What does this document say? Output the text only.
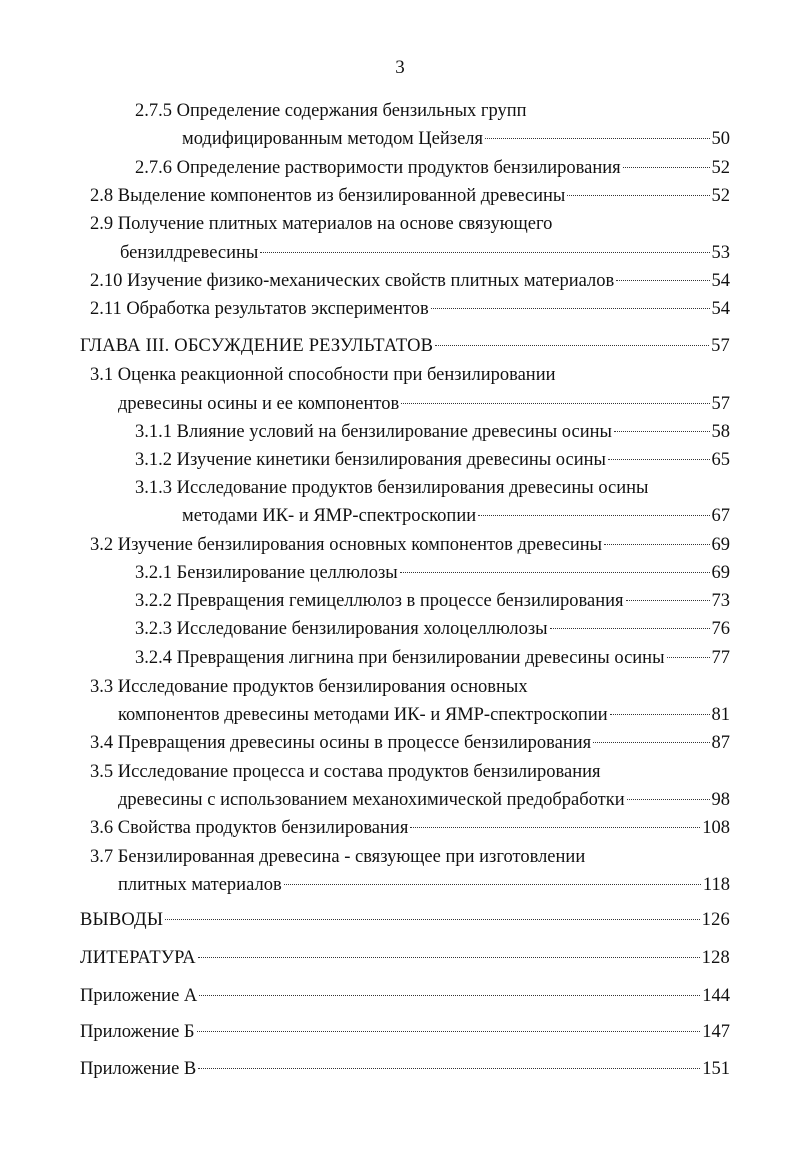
3
2.7.5 Определение содержания бензильных групп
модифицированным методом Цейзеля	50
2.7.6 Определение растворимости продуктов бензилирования	52
2.8 Выделение компонентов из бензилированной древесины	52
2.9 Получение плитных материалов на основе связующего
бензилдревесины	53
2.10 Изучение физико-механических свойств плитных материалов	54
2.11 Обработка результатов экспериментов	54
ГЛАВА III. ОБСУЖДЕНИЕ РЕЗУЛЬТАТОВ	57
3.1 Оценка реакционной способности при бензилировании
древесины осины и ее компонентов	57
3.1.1 Влияние условий на бензилирование древесины осины	58
3.1.2 Изучение кинетики бензилирования древесины осины	65
3.1.3 Исследование продуктов бензилирования древесины осины
методами ИК- и ЯМР-спектроскопии	67
3.2 Изучение бензилирования основных компонентов древесины	69
3.2.1 Бензилирование целлюлозы	69
3.2.2 Превращения гемицеллюлоз в процессе бензилирования	73
3.2.3 Исследование бензилирования холоцеллюлозы	76
3.2.4 Превращения лигнина при бензилировании древесины осины	77
3.3 Исследование продуктов бензилирования основных
компонентов древесины методами ИК- и ЯМР-спектроскопии	81
3.4 Превращения древесины осины в процессе бензилирования	87
3.5 Исследование процесса и состава продуктов бензилирования
древесины с использованием механохимической предобработки	98
3.6 Свойства продуктов бензилирования	108
3.7 Бензилированная древесина - связующее при изготовлении
плитных материалов	118
ВЫВОДЫ	126
ЛИТЕРАТУРА	128
Приложение А	144
Приложение Б	147
Приложение В	151
